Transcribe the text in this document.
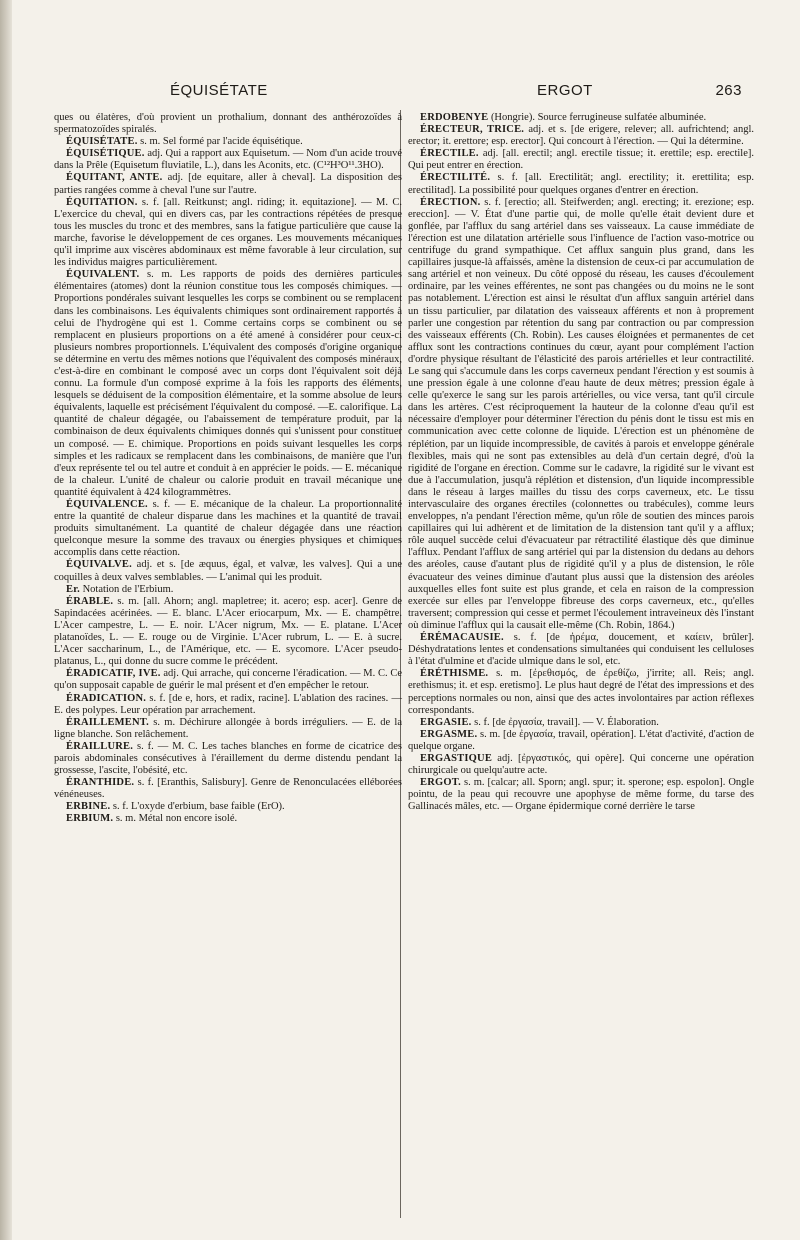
ÉQUISÉTATE	ERGOT	263

ques ou élatères, d'où provient un prothalium, donnant des anthérozoïdes à spermatozoïdes spiralés.

ÉQUISÉTATE. s. m. Sel formé par l'acide équisétique.

ÉQUISÉTIQUE. adj. Qui a rapport aux Equisetum. — Nom d'un acide trouvé dans la Prêle (Equisetum fluviatile, L.), dans les Aconits, etc. (C¹²H³O¹¹.3HO).

ÉQUITANT, ANTE. adj. [de equitare, aller à cheval]. La disposition des parties rangées comme à cheval l'une sur l'autre.

ÉQUITATION. s. f. [all. Reitkunst; angl. riding; it. equitazione]. — M. C. L'exercice du cheval, qui en divers cas, par les contractions répétées de presque tous les muscles du tronc et des membres, sans la fatigue particulière que cause la marche, favorise le développement de ces organes. Les mouvements mécaniques qu'il imprime aux viscères abdominaux est même favorable à leur circulation, sur les individus maigres particulièrement.

ÉQUIVALENT. s. m. Les rapports de poids des dernières particules élémentaires (atomes) dont la réunion constitue tous les composés chimiques. — Proportions pondérales suivant lesquelles les corps se combinent ou se remplacent dans les combinaisons. Les équivalents chimiques sont ordinairement rapportés à celui de l'hydrogène qui est 1. Comme certains corps se combinent ou se remplacent en plusieurs proportions on a été amené à considérer pour ceux-ci plusieurs nombres proportionnels. L'équivalent des composés d'origine organique se détermine en vertu des mêmes notions que l'équivalent des composés minéraux, c'est-à-dire en combinant le composé avec un corps dont l'équivalent soit déjà connu. La formule d'un composé exprime à la fois les rapports des éléments, lesquels se déduisent de la composition élémentaire, et la somme absolue de leurs équivalents, laquelle est précisément l'équivalent du composé. —E. calorifique. La quantité de chaleur dégagée, ou l'abaissement de température produit, par la combinaison de deux équivalents chimiques donnés qui s'unissent pour constituer un composé. — E. chimique. Proportions en poids suivant lesquelles les corps simples et les radicaux se remplacent dans les combinaisons, de manière que l'un d'eux représente tel ou tel autre et conduit à en apprécier le poids. — E. mécanique de la chaleur. L'unité de chaleur ou calorie produit en travail mécanique une quantité équivalent à 424 kilogrammètres.

ÉQUIVALENCE. s. f. — E. mécanique de la chaleur. La proportionnalité entre la quantité de chaleur disparue dans les machines et la quantité de travail produits simultanément. La quantité de chaleur dégagée dans une réaction quelconque mesure la somme des travaux ou énergies physiques et chimiques accomplis dans cette réaction.

ÉQUIVALVE. adj. et s. [de æquus, égal, et valvæ, les valves]. Qui a une coquilles à deux valves semblables. — L'animal qui les produit.

Er. Notation de l'Erbium.

ÉRABLE. s. m. [all. Ahorn; angl. mapletree; it. acero; esp. acer]. Genre de Sapindacées acérinées. — E. blanc. L'Acer eriocarpum, Mx. — E. champêtre. L'Acer campestre, L. — E. noir. L'Acer nigrum, Mx. — E. platane. L'Acer platanoïdes, L. — E. rouge ou de Virginie. L'Acer rubrum, L. — E. à sucre. L'Acer saccharinum, L., de l'Amérique, etc. — E. sycomore. L'Acer pseudo-platanus, L., qui donne du sucre comme le précédent.

ÉRADICATIF, IVE. adj. Qui arrache, qui concerne l'éradication. — M. C. Ce qu'on supposait capable de guérir le mal présent et d'en empêcher le retour.

ÉRADICATION. s. f. [de e, hors, et radix, racine]. L'ablation des racines. — E. des polypes. Leur opération par arrachement.

ÉRAILLEMENT. s. m. Déchirure allongée à bords irréguliers. — E. de la ligne blanche. Son relâchement.

ÉRAILLURE. s. f. — M. C. Les taches blanches en forme de cicatrice des parois abdominales consécutives à l'éraillement du derme distendu pendant la grossesse, l'ascite, l'obésité, etc.

ÉRANTHIDE. s. f. [Eranthis, Salisbury]. Genre de Renonculacées elléborées vénéneuses.

ERBINE. s. f. L'oxyde d'erbium, base faible (ErO).

ERBIUM. s. m. Métal non encore isolé.

ERDOBENYE (Hongrie). Source ferrugineuse sulfatée albuminée.

ÉRECTEUR, TRICE. adj. et s. [de erigere, relever; all. aufrichtend; angl. erector; it. erettore; esp. erector]. Qui concourt à l'érection. — Qui la détermine.

ÉRECTILE. adj. [all. erectil; angl. erectile tissue; it. erettile; esp. erectile]. Qui peut entrer en érection.

ÉRECTILITÉ. s. f. [all. Erectilität; angl. erectility; it. erettilita; esp. erectilitad]. La possibilité pour quelques organes d'entrer en érection.

ÉRECTION. s. f. [erectio; all. Steifwerden; angl. erecting; it. erezione; esp. ereccion]. — V. État d'une partie qui, de molle qu'elle était devient dure et gonflée, par l'afflux du sang artériel dans ses vaisseaux. La cause immédiate de l'érection est une dilatation artérielle sous l'influence de l'action vaso-motrice ou centrifuge du grand sympathique. Cet afflux sanguin plus grand, dans les capillaires jusque-là affaissés, amène la distension de ceux-ci par accumulation de sang artériel et non veineux. Du côté opposé du réseau, les causes d'écoulement ordinaire, par les veines efférentes, ne sont pas changées ou du moins ne le sont pas notablement. L'érection est ainsi le résultat d'un afflux sanguin artériel dans un tissu particulier, par dilatation des vaisseaux afférents et non à proprement parler une congestion par rétention du sang par contraction ou par compression des vaisseaux efférents (Ch. Robin). Les causes éloignées et permanentes de cet afflux sont les contractions continues du cœur, ayant pour complément l'action d'ordre physique résultant de l'élasticité des parois artérielles et leur contractilité. Le sang qui s'accumule dans les corps caverneux pendant l'érection y est soumis à une pression égale à une colonne d'eau haute de deux mètres; pression égale à celle qu'exerce le sang sur les parois artérielles, ou vice versa, tant qu'il circule dans les artères. C'est réciproquement la hauteur de la colonne d'eau qu'il est nécessaire d'employer pour déterminer l'érection du pénis dont le tissu est mis en communication avec cette colonne de liquide. L'érection est un phénomène de réplétion, par un liquide incompressible, de cavités à parois et enveloppe générale flexibles, mais qui ne sont pas extensibles au delà d'un certain degré, d'où la rigidité de l'organe en érection. Comme sur le cadavre, la rigidité sur le vivant est due à l'accumulation, jusqu'à réplétion et distension, d'un liquide incompressible dans le réseau à larges mailles du tissu des corps caverneux, etc. Le tissu intervasculaire des organes érectiles (colonnettes ou trabécules), comme leurs enveloppes, n'a pendant l'érection même, qu'un rôle de soutien des minces parois capillaires qui lui adhèrent et de limitation de la distension tant qu'il y a afflux; rôle auquel succède celui d'évacuateur par rétractilité élastique dès que diminue l'afflux. Pendant l'afflux de sang artériel qui par la distension du dedans au dehors des aréoles, cause d'autant plus de rigidité qu'il y a plus de distension, le rôle évacuateur des veines diminue d'autant plus aussi que la distension des aréoles auxquelles elles font suite est plus grande, et cela en raison de la compression exercée sur elles par l'enveloppe fibreuse des corps caverneux, etc., qu'elles traversent; compression qui cesse et permet l'écoulement intraveineux dès l'instant où diminue l'afflux qui la causait elle-même (Ch. Robin, 1864.)

ÉRÉMACAUSIE. s. f. [de ἠρέμα, doucement, et καίειν, brûler]. Déshydratations lentes et condensations simultanées qui conduisent les celluloses à l'état d'ulmine et d'acide ulmique dans le sol, etc.

ÉRÉTHISME. s. m. [ἐρεθισμός, de ἐρεθίζω, j'irrite; all. Reis; angl. erethismus; it. et esp. eretismo]. Le plus haut degré de l'état des impressions et des perceptions normales ou non, ainsi que des actes involontaires par action réflexes correspondants.

ERGASIE. s. f. [de ἐργασία, travail]. — V. Élaboration.

ERGASME. s. m. [de ἐργασία, travail, opération]. L'état d'activité, d'action de quelque organe.

ERGASTIQUE adj. [ἐργαστικός, qui opère]. Qui concerne une opération chirurgicale ou quelqu'autre acte.

ERGOT. s. m. [calcar; all. Sporn; angl. spur; it. sperone; esp. espolon]. Ongle pointu, de la peau qui recouvre une apophyse de même forme, du tarse des Gallinacés mâles, etc. — Organe épidermique corné derrière le tarse
